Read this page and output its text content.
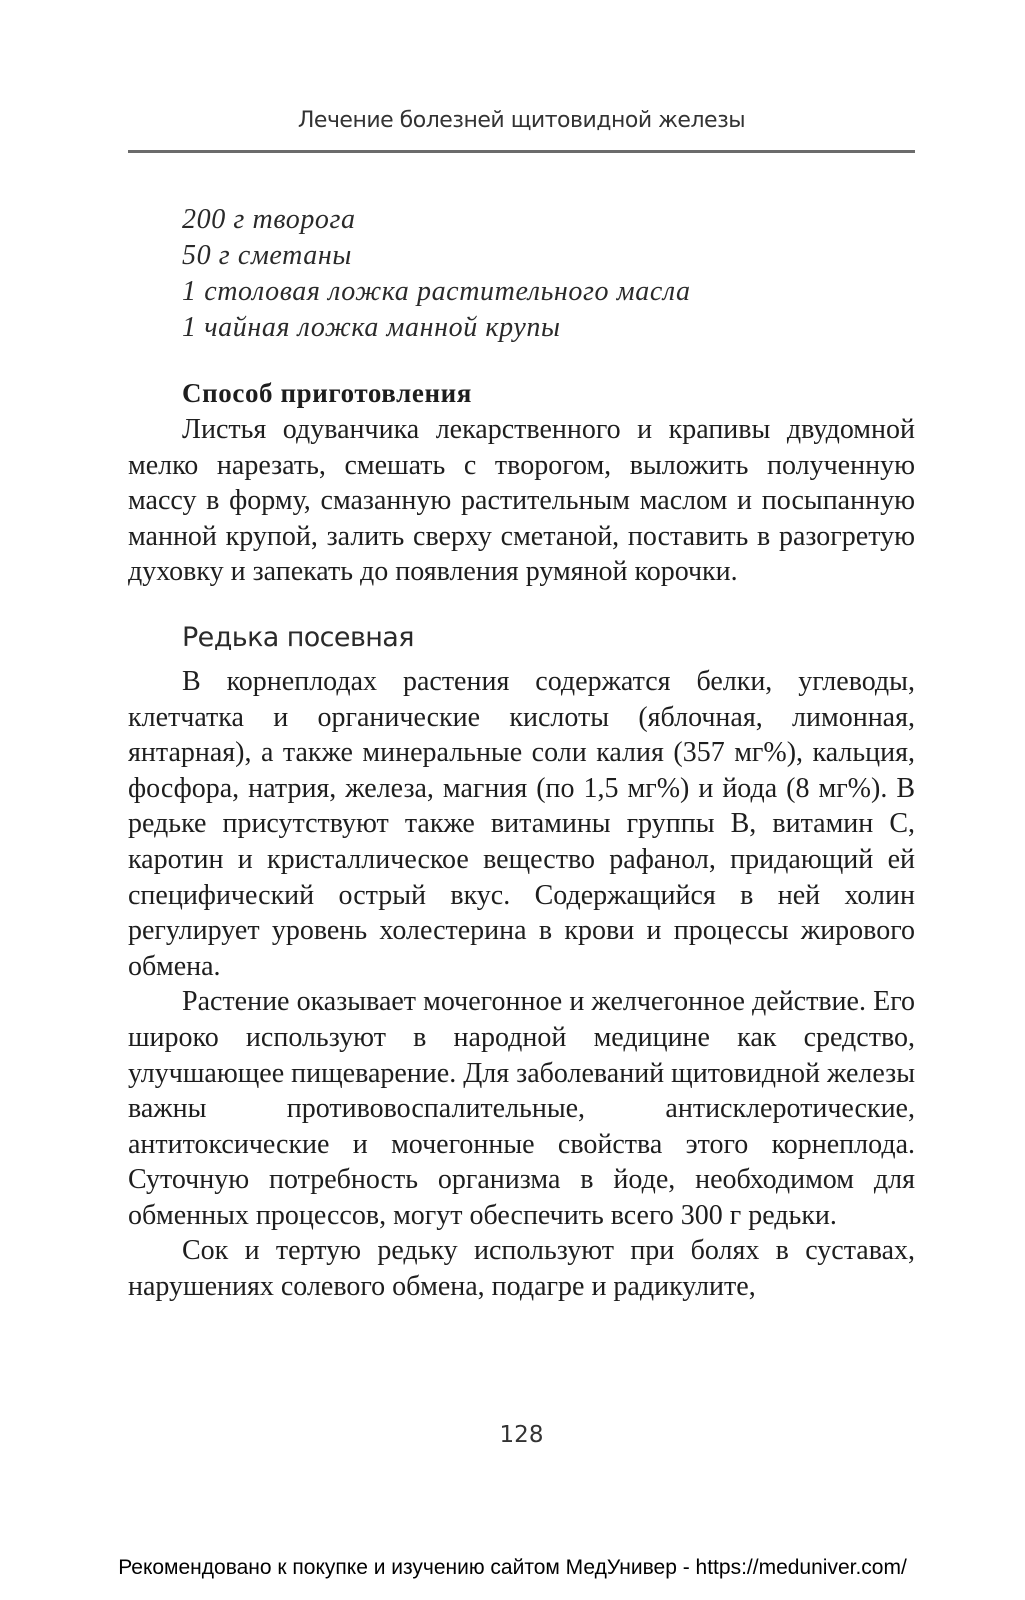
Лечение болезней щитовидной железы
200 г творога
50 г сметаны
1 столовая ложка растительного масла
1 чайная ложка манной крупы
Способ приготовления

Листья одуванчика лекарственного и крапивы двудомной мелко нарезать, смешать с творогом, выложить полученную массу в форму, смазанную растительным маслом и посыпанную манной крупой, залить сверху сметаной, поставить в разогретую духовку и запекать до появления румяной корочки.

Редька посевная

В корнеплодах растения содержатся белки, углеводы, клетчатка и органические кислоты (яблочная, лимонная, янтарная), а также минеральные соли калия (357 мг%), кальция, фосфора, натрия, железа, магния (по 1,5 мг%) и йода (8 мг%). В редьке присутствуют также витамины группы В, витамин С, каротин и кристаллическое вещество рафанол, придающий ей специфический острый вкус. Содержащийся в ней холин регулирует уровень холестерина в крови и процессы жирового обмена.

Растение оказывает мочегонное и желчегонное действие. Его широко используют в народной медицине как средство, улучшающее пищеварение. Для заболеваний щитовидной железы важны противовоспалительные, антисклеротические, антитоксические и мочегонные свойства этого корнеплода. Суточную потребность организма в йоде, необходимом для обменных процессов, могут обеспечить всего 300 г редьки.

Сок и тертую редьку используют при болях в суставах, нарушениях солевого обмена, подагре и радикулите,

128
Рекомендовано к покупке и изучению сайтом МедУнивер - https://meduniver.com/
